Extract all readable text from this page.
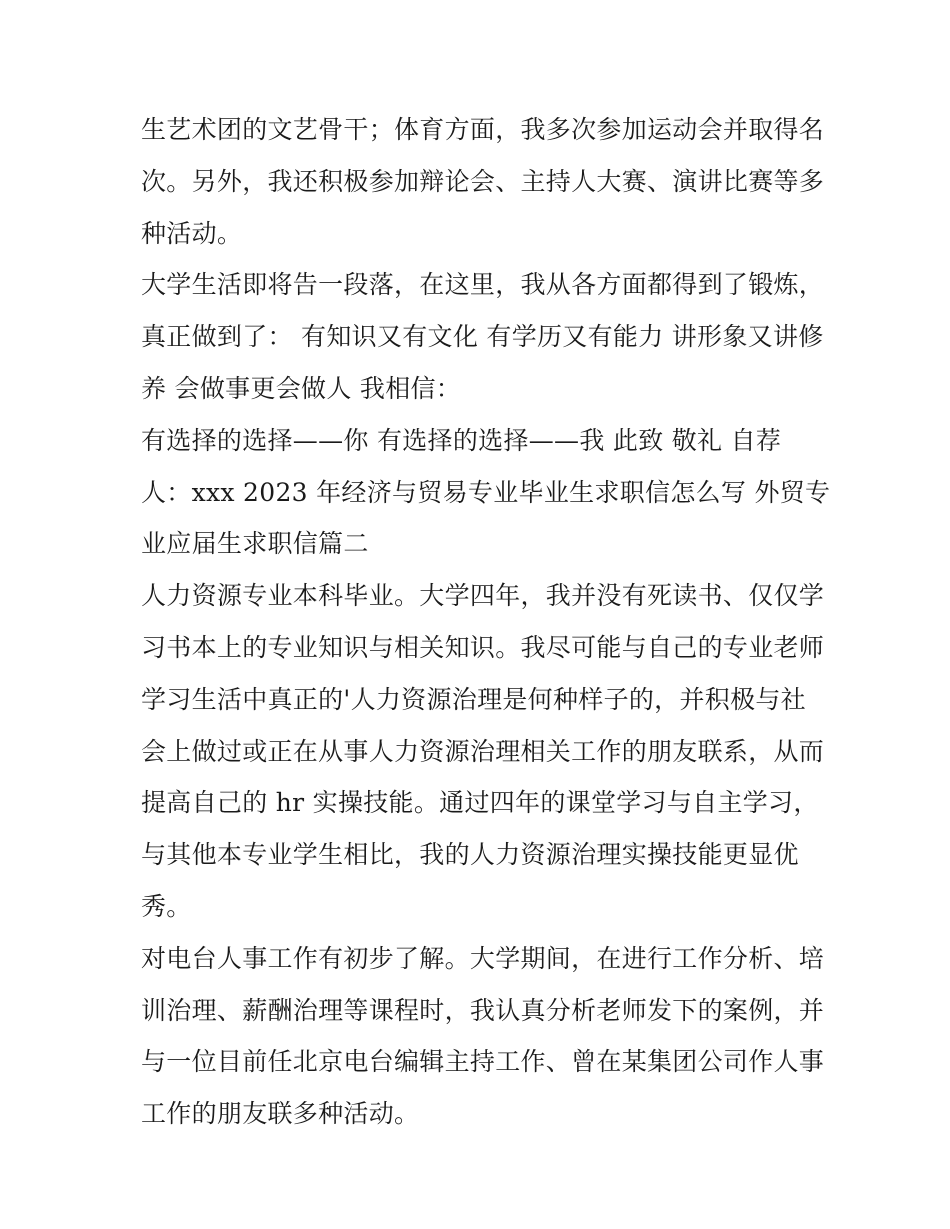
生艺术团的文艺骨干；体育方面，我多次参加运动会并取得名
次。另外，我还积极参加辩论会、主持人大赛、演讲比赛等多
种活动。
大学生活即将告一段落，在这里，我从各方面都得到了锻炼，
真正做到了： 有知识又有文化 有学历又有能力 讲形象又讲修
养 会做事更会做人 我相信：
有选择的选择——你 有选择的选择——我 此致 敬礼 自荐
人：xxx 2023 年经济与贸易专业毕业生求职信怎么写 外贸专
业应届生求职信篇二
人力资源专业本科毕业。大学四年，我并没有死读书、仅仅学
习书本上的专业知识与相关知识。我尽可能与自己的专业老师
学习生活中真正的'人力资源治理是何种样子的，并积极与社
会上做过或正在从事人力资源治理相关工作的朋友联系，从而
提高自己的 hr 实操技能。通过四年的课堂学习与自主学习，
与其他本专业学生相比，我的人力资源治理实操技能更显优
秀。
对电台人事工作有初步了解。大学期间，在进行工作分析、培
训治理、薪酬治理等课程时，我认真分析老师发下的案例，并
与一位目前任北京电台编辑主持工作、曾在某集团公司作人事
工作的朋友联多种活动。
